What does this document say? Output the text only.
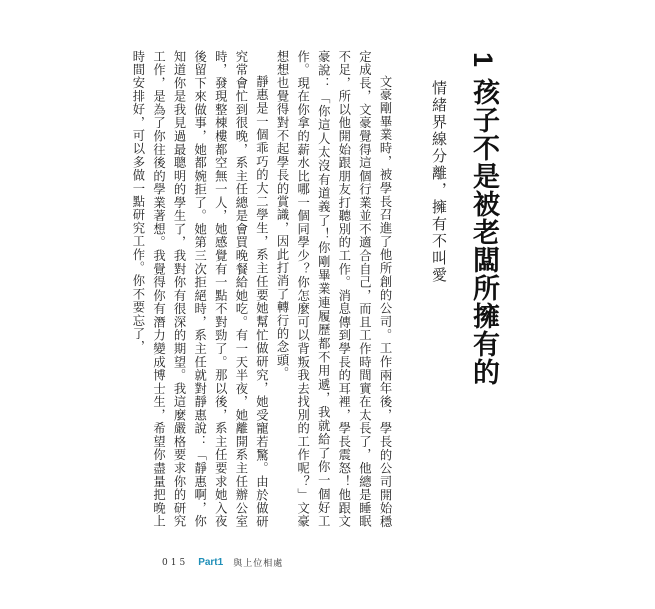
1 孩子不是被老闆所擁有的
情緒界線分離，擁有不叫愛

文豪剛畢業時，被學長召進了他所創的公司。工作兩年後，學長的公司開始穩定成長，文豪覺得這個行業並不適合自己，而且工作時間實在太長了，他總是睡眠不足，所以他開始跟朋友打聽別的工作。消息傳到學長的耳裡，學長震怒！他跟文豪說：「你這人太沒有道義了！你剛畢業連履歷都不用遞，我就給了你一個好工作。現在你拿的薪水比哪一個同學少？你怎麼可以背叛我去找別的工作呢？」文豪想想也覺得對不起學長的賞識，因此打消了轉行的念頭。

靜惠是一個乖巧的大二學生，系主任要她幫忙做研究，她受寵若驚。由於做研究常會忙到很晚，系主任總是會買晚餐給她吃。有一天半夜，她離開系主任辦公室時，發現整棟樓都空無一人，她感覺有一點不對勁了。那以後，系主任要求她入夜後留下來做事，她都婉拒了。她第三次拒絕時，系主任就對靜惠說：「靜惠啊，你知道你是我見過最聰明的學生了，我對你有很深的期望。我這麼嚴格要求你的研究工作，是為了你往後的學業著想。我覺得你有潛力變成博士生，希望你盡量把晚上時間安排好，可以多做一點研究工作。你不要忘了，

015 Part1 與上位相處
